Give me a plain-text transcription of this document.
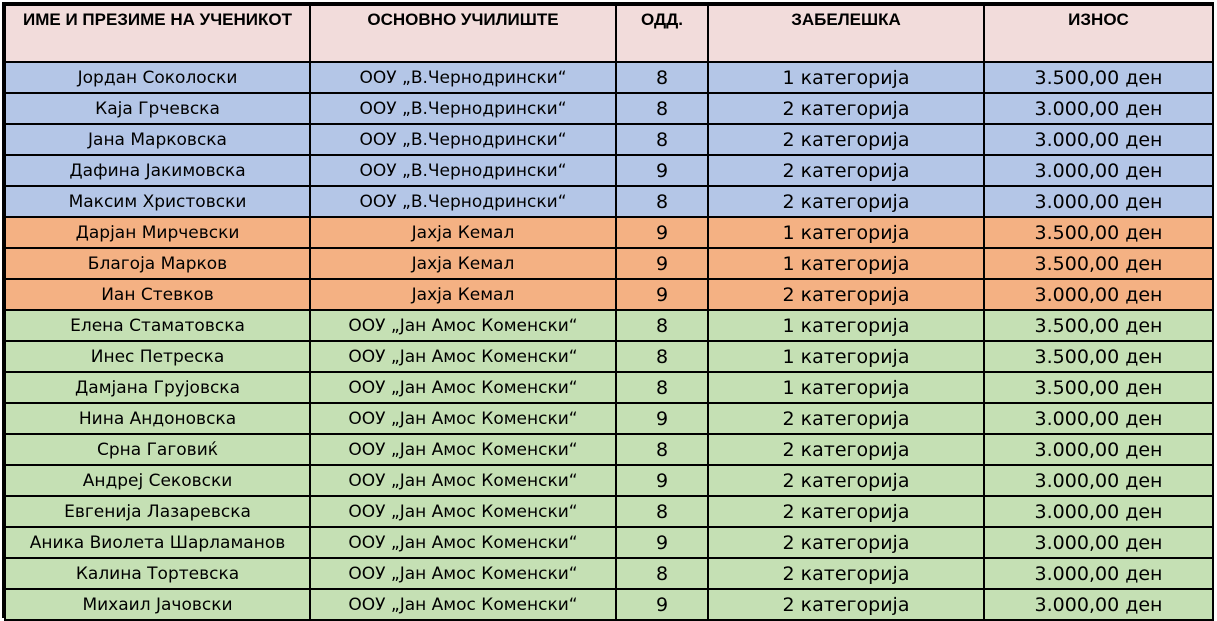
ИМЕ И ПРЕЗИМЕ НА УЧЕНИКОТ	ОСНОВНО УЧИЛИШТЕ	ОДД.	ЗАБЕЛЕШКА	ИЗНОС
Јордан Соколоски	ООУ „В.Чернодрински“	8	1 категорија	3.500,00 ден
Каја Грчевска	ООУ „В.Чернодрински“	8	2 категорија	3.000,00 ден
Јана Марковска	ООУ „В.Чернодрински“	8	2 категорија	3.000,00 ден
Дафина Јакимовска	ООУ „В.Чернодрински“	9	2 категорија	3.000,00 ден
Максим Христовски	ООУ „В.Чернодрински“	8	2 категорија	3.000,00 ден
Дарјан Мирчевски	Јахја Кемал	9	1 категорија	3.500,00 ден
Благоја Марков	Јахја Кемал	9	1 категорија	3.500,00 ден
Иан Стевков	Јахја Кемал	9	2 категорија	3.000,00 ден
Елена Стаматовска	ООУ „Јан Амос Коменски“	8	1 категорија	3.500,00 ден
Инес Петреска	ООУ „Јан Амос Коменски“	8	1 категорија	3.500,00 ден
Дамјана Грујовска	ООУ „Јан Амос Коменски“	8	1 категорија	3.500,00 ден
Нина Андоновска	ООУ „Јан Амос Коменски“	9	2 категорија	3.000,00 ден
Срна Гаговиќ	ООУ „Јан Амос Коменски“	8	2 категорија	3.000,00 ден
Андреј Сековски	ООУ „Јан Амос Коменски“	9	2 категорија	3.000,00 ден
Евгенија Лазаревска	ООУ „Јан Амос Коменски“	8	2 категорија	3.000,00 ден
Аника Виолета Шарламанов	ООУ „Јан Амос Коменски“	9	2 категорија	3.000,00 ден
Калина Тортевска	ООУ „Јан Амос Коменски“	8	2 категорија	3.000,00 ден
Михаил Јачовски	ООУ „Јан Амос Коменски“	9	2 категорија	3.000,00 ден
